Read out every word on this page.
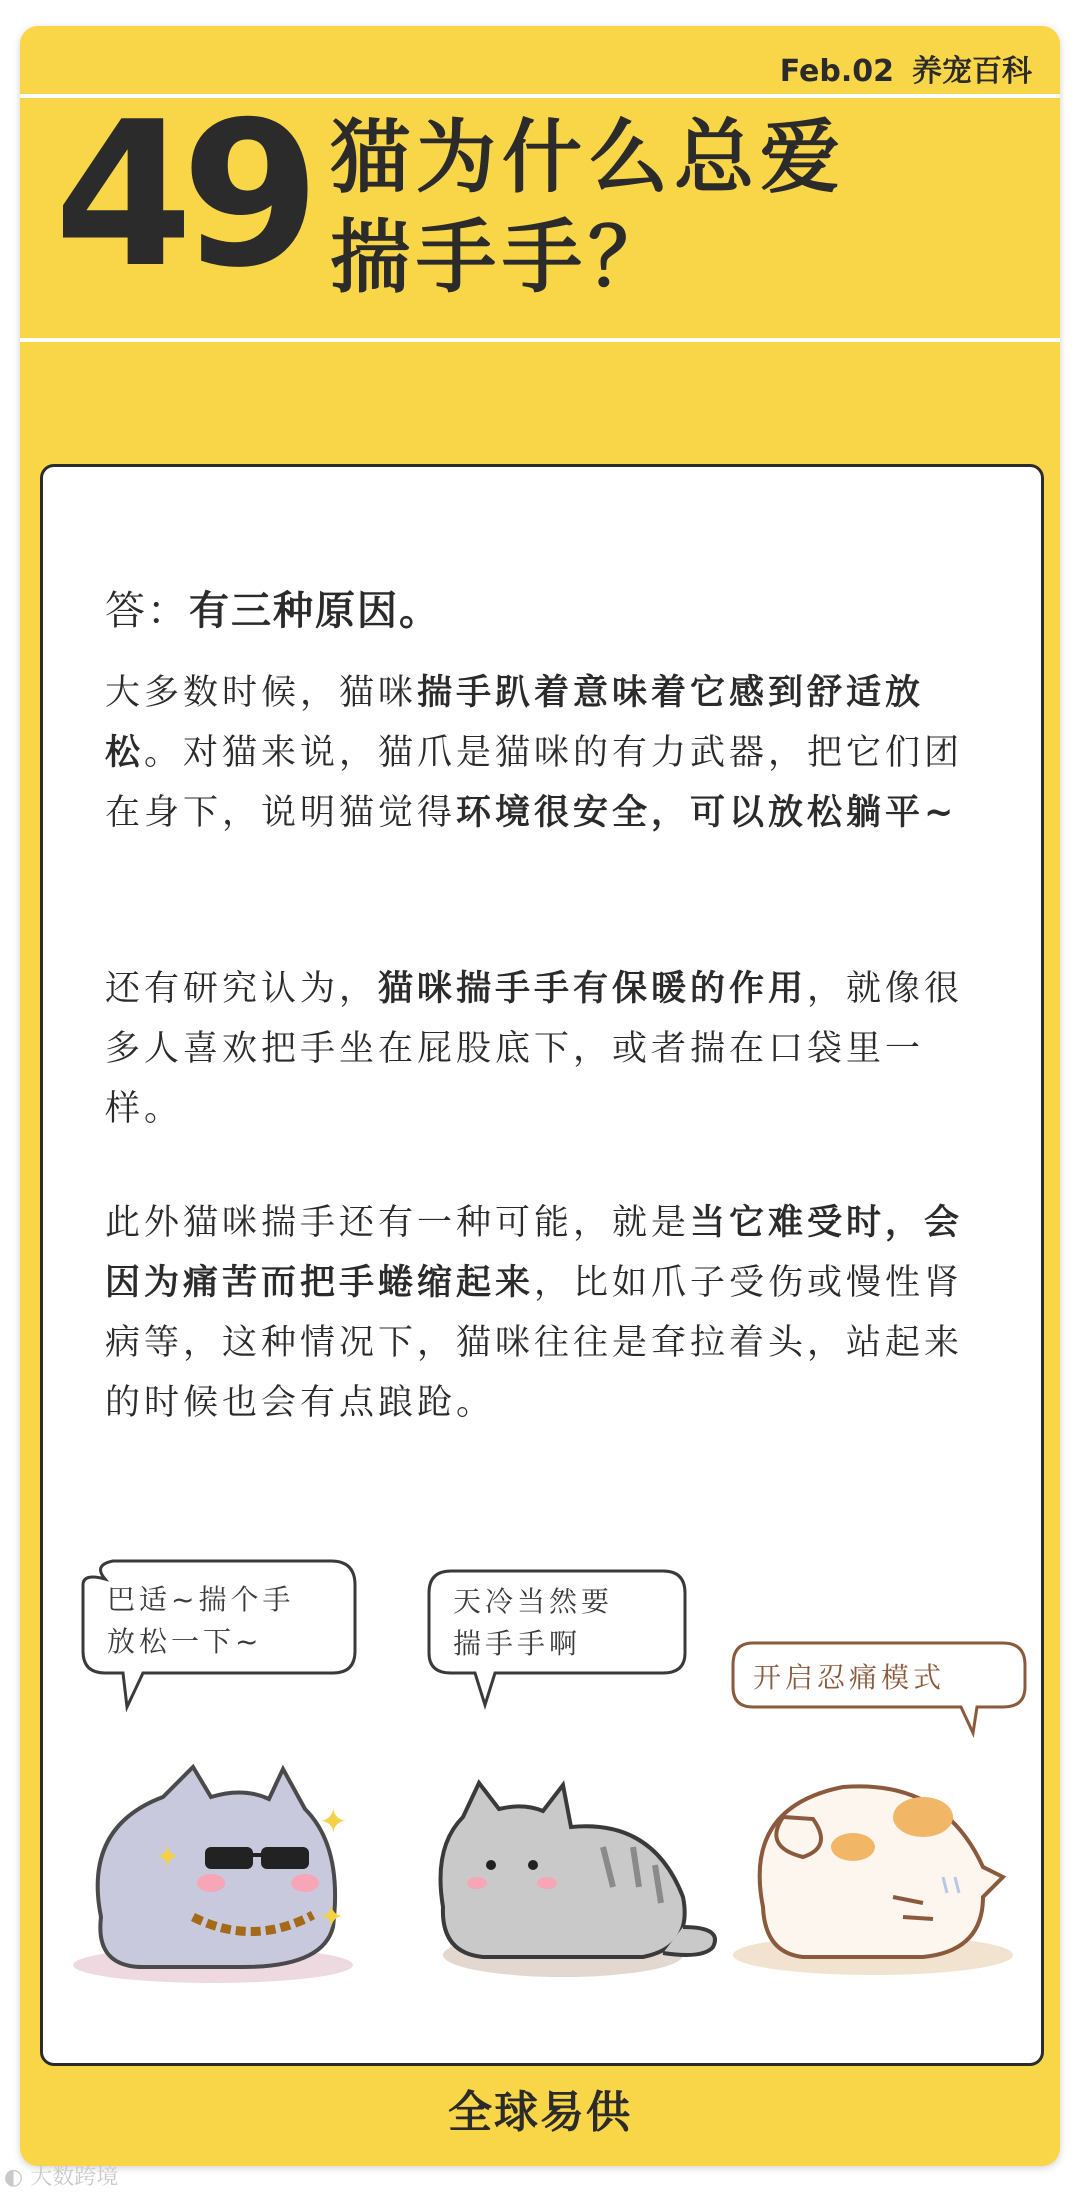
Feb.02 养宠百科
49 猫为什么总爱
揣手手？
答：有三种原因。
大多数时候，猫咪揣手趴着意味着它感到舒适放松。对猫来说，猫爪是猫咪的有力武器，把它们团在身下，说明猫觉得环境很安全，可以放松躺平~
还有研究认为，猫咪揣手手有保暖的作用，就像很多人喜欢把手坐在屁股底下，或者揣在口袋里一样。
此外猫咪揣手还有一种可能，就是当它难受时，会因为痛苦而把手蜷缩起来，比如爪子受伤或慢性肾病等，这种情况下，猫咪往往是耷拉着头，站起来的时候也会有点踉跄。
巴适~揣个手
放松一下~
✦
✦
✦
天冷当然要
揣手手啊
开启忍痛模式
全球易供
◐ 大数跨境
